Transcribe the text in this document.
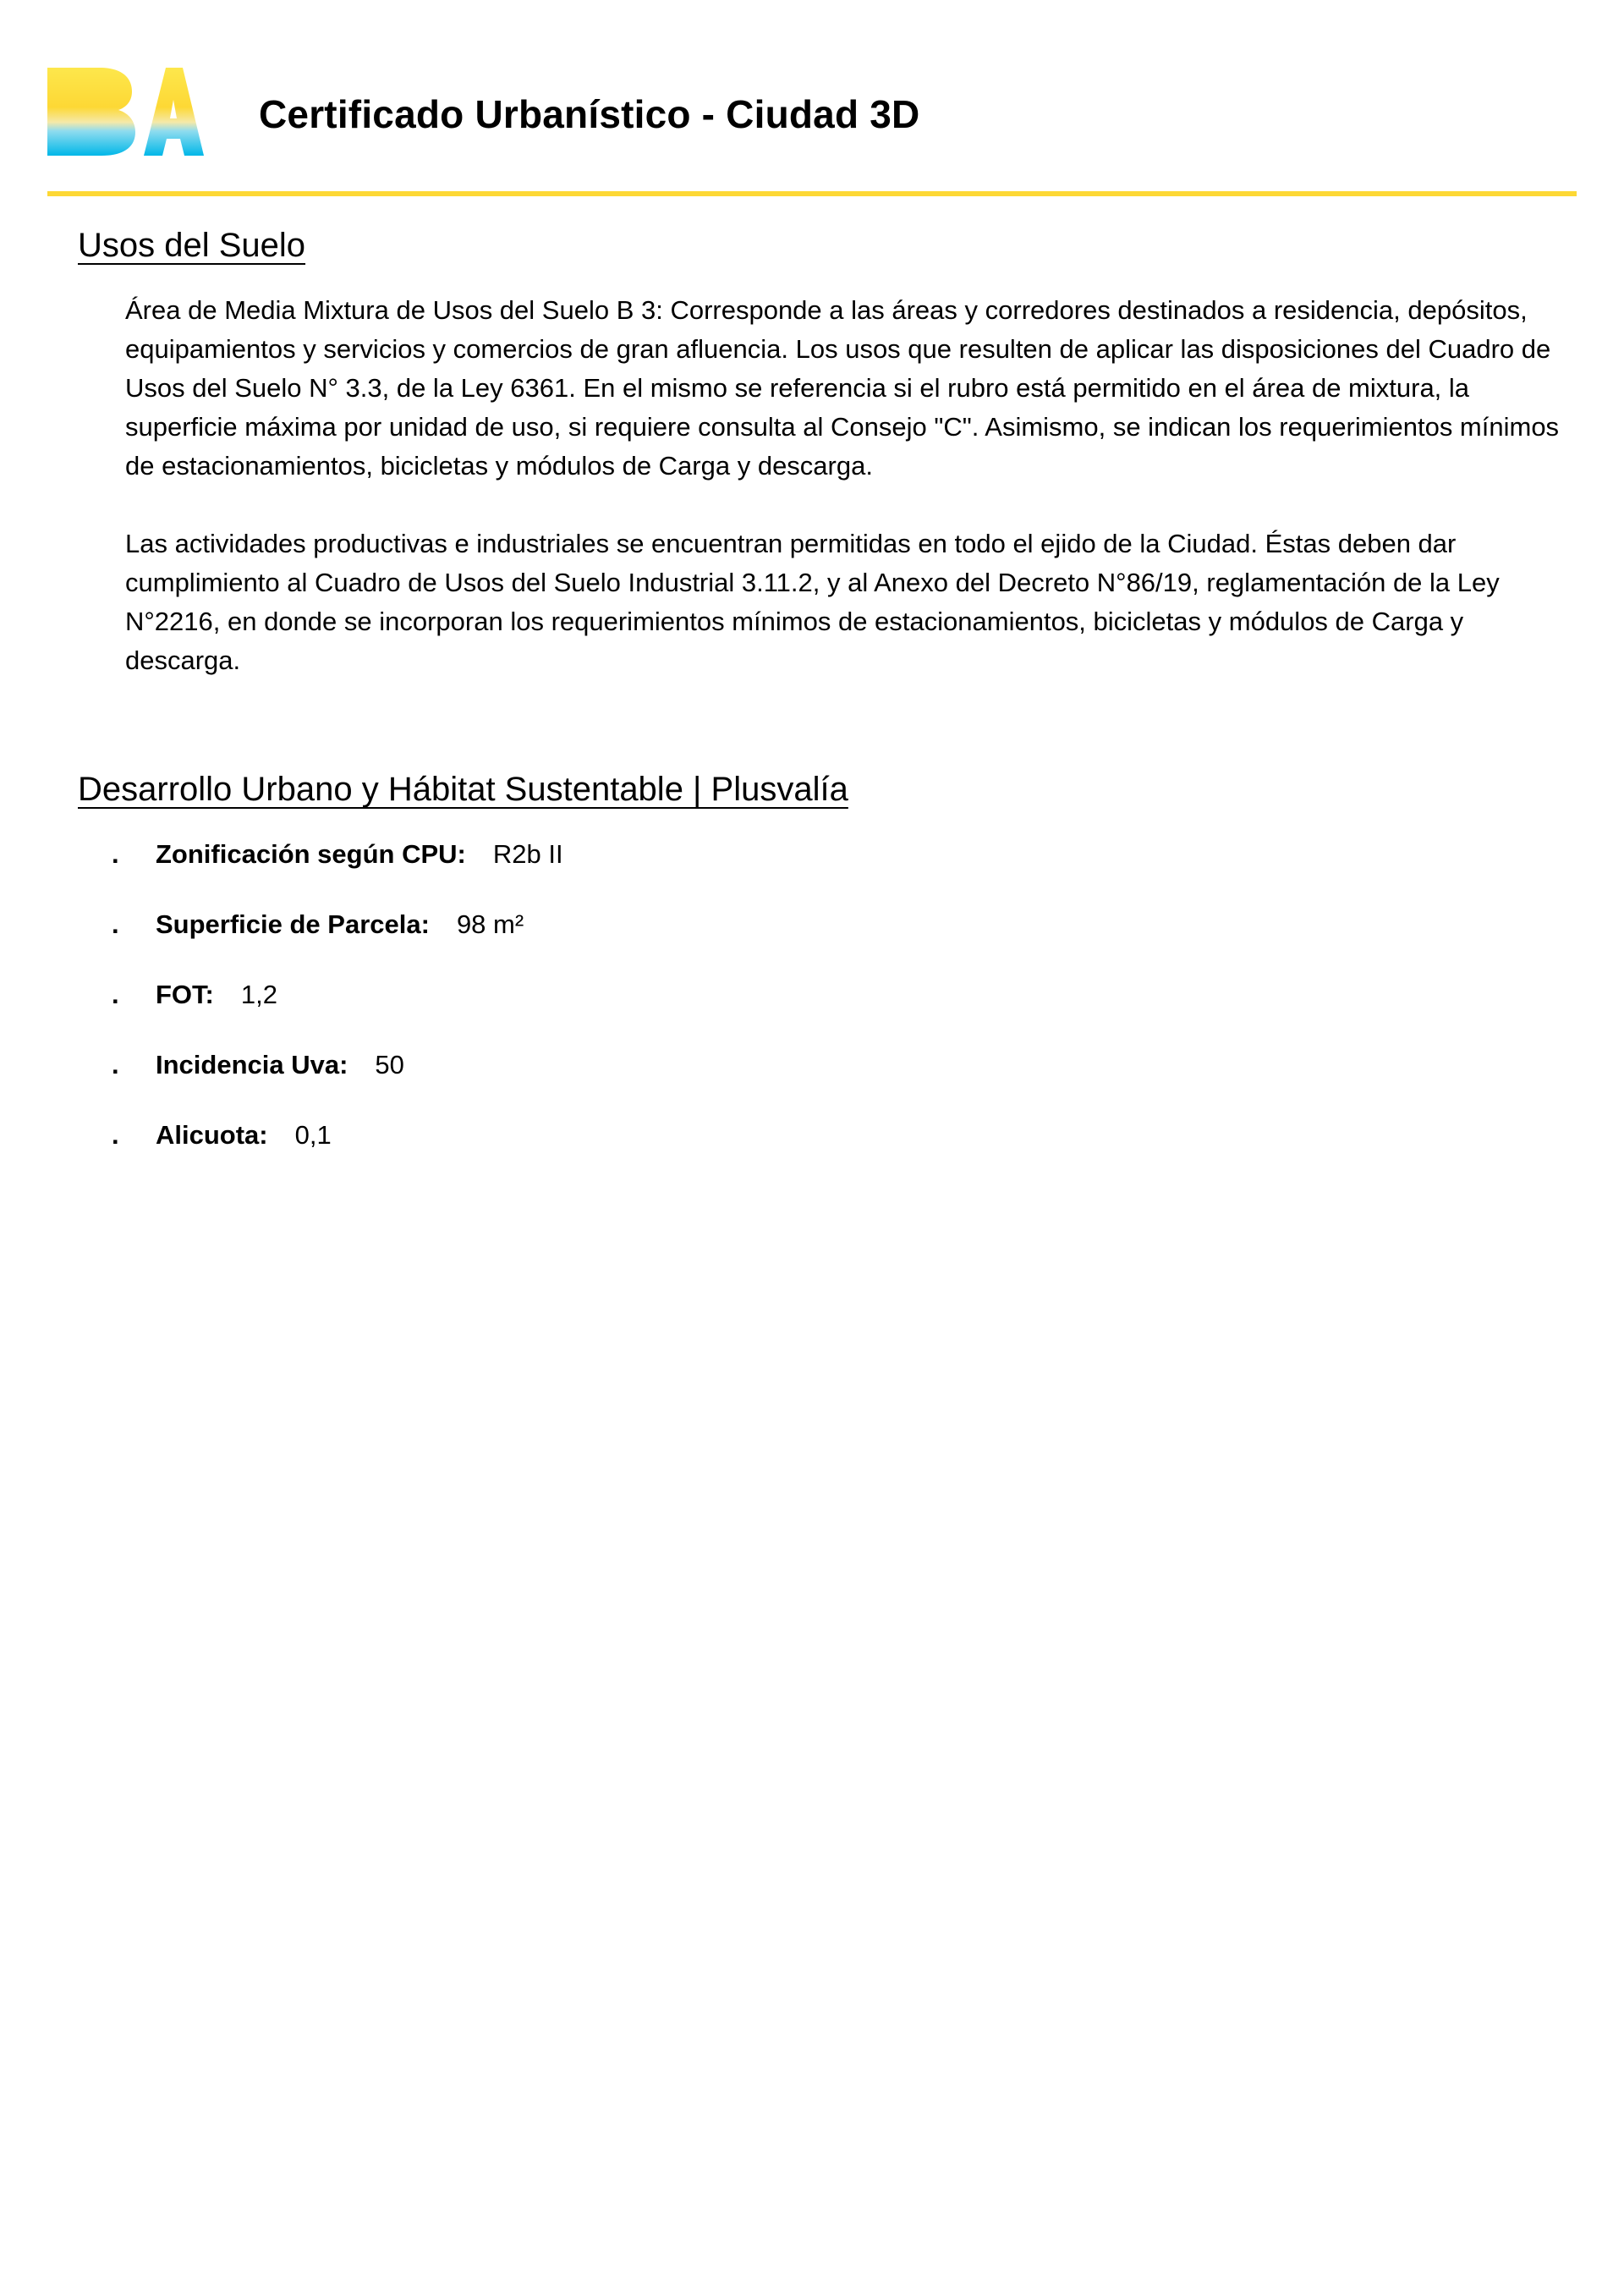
Certificado Urbanístico - Ciudad 3D
Usos del Suelo

Área de Media Mixtura de Usos del Suelo B 3: Corresponde a las áreas y corredores destinados a residencia, depósitos, equipamientos y servicios y comercios de gran afluencia. Los usos que resulten de aplicar las disposiciones del Cuadro de Usos del Suelo N° 3.3, de la Ley 6361. En el mismo se referencia si el rubro está permitido en el área de mixtura, la superficie máxima por unidad de uso, si requiere consulta al Consejo "C". Asimismo, se indican los requerimientos mínimos de estacionamientos, bicicletas y módulos de Carga y descarga.

Las actividades productivas e industriales se encuentran permitidas en todo el ejido de la Ciudad. Éstas deben dar cumplimiento al Cuadro de Usos del Suelo Industrial 3.11.2, y al Anexo del Decreto N°86/19, reglamentación de la Ley N°2216, en donde se incorporan los requerimientos mínimos de estacionamientos, bicicletas y módulos de Carga y descarga.

Desarrollo Urbano y Hábitat Sustentable | Plusvalía
. Zonificación según CPU: R2b II
. Superficie de Parcela: 98 m²
. FOT: 1,2
. Incidencia Uva: 50
. Alicuota: 0,1
